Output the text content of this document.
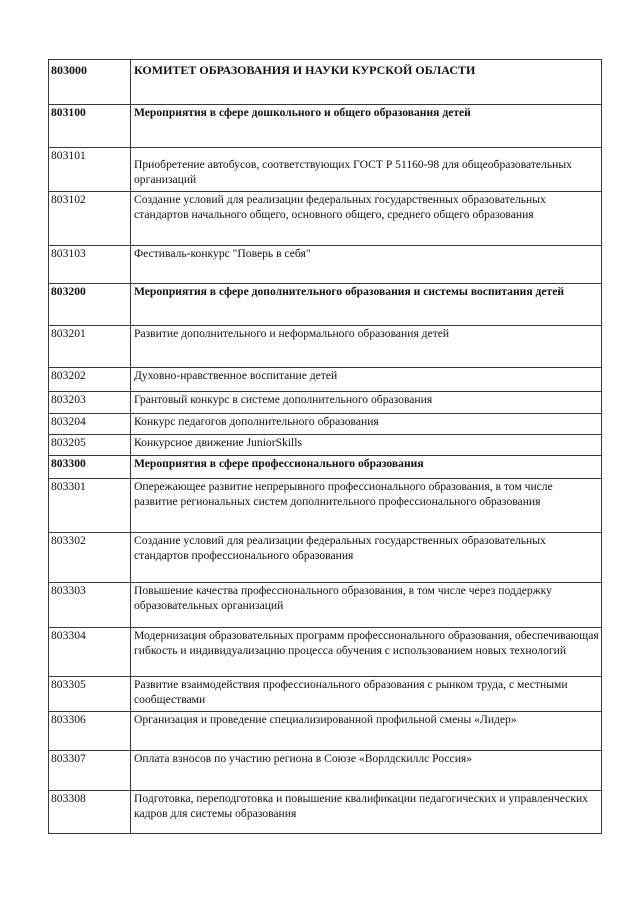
803000	КОМИТЕТ ОБРАЗОВАНИЯ И НАУКИ КУРСКОЙ ОБЛАСТИ
803100	Мероприятия в сфере дошкольного и общего образования детей
803101	Приобретение автобусов, соответствующих ГОСТ Р 51160-98 для общеобразовательных организаций
803102	Создание условий для реализации федеральных государственных образовательных стандартов начального общего, основного общего, среднего общего образования
803103	Фестиваль-конкурс "Поверь в себя"
803200	Мероприятия в сфере дополнительного образования и системы воспитания детей
803201	Развитие дополнительного и неформального образования детей
803202	Духовно-нравственное воспитание детей
803203	Грантовый конкурс в системе дополнительного образования
803204	Конкурс педагогов дополнительного образования
803205	Конкурсное движение JuniorSkills
803300	Мероприятия в сфере профессионального образования
803301	Опережающее развитие непрерывного профессионального образования, в том числе развитие региональных систем дополнительного профессионального образования
803302	Создание условий для реализации федеральных государственных образовательных стандартов профессионального образования
803303	Повышение качества профессионального образования, в том числе через поддержку образовательных организаций
803304	Модернизация образовательных программ профессионального образования, обеспечивающая гибкость и индивидуализацию процесса обучения с использованием новых технологий
803305	Развитие взаимодействия профессионального образования с рынком труда, с местными сообществами
803306	Организация и проведение специализированной профильной смены «Лидер»
803307	Оплата взносов по участию региона в Союзе «Ворлдскиллс Россия»
803308	Подготовка, переподготовка и повышение квалификации педагогических и управленческих кадров для системы образования
